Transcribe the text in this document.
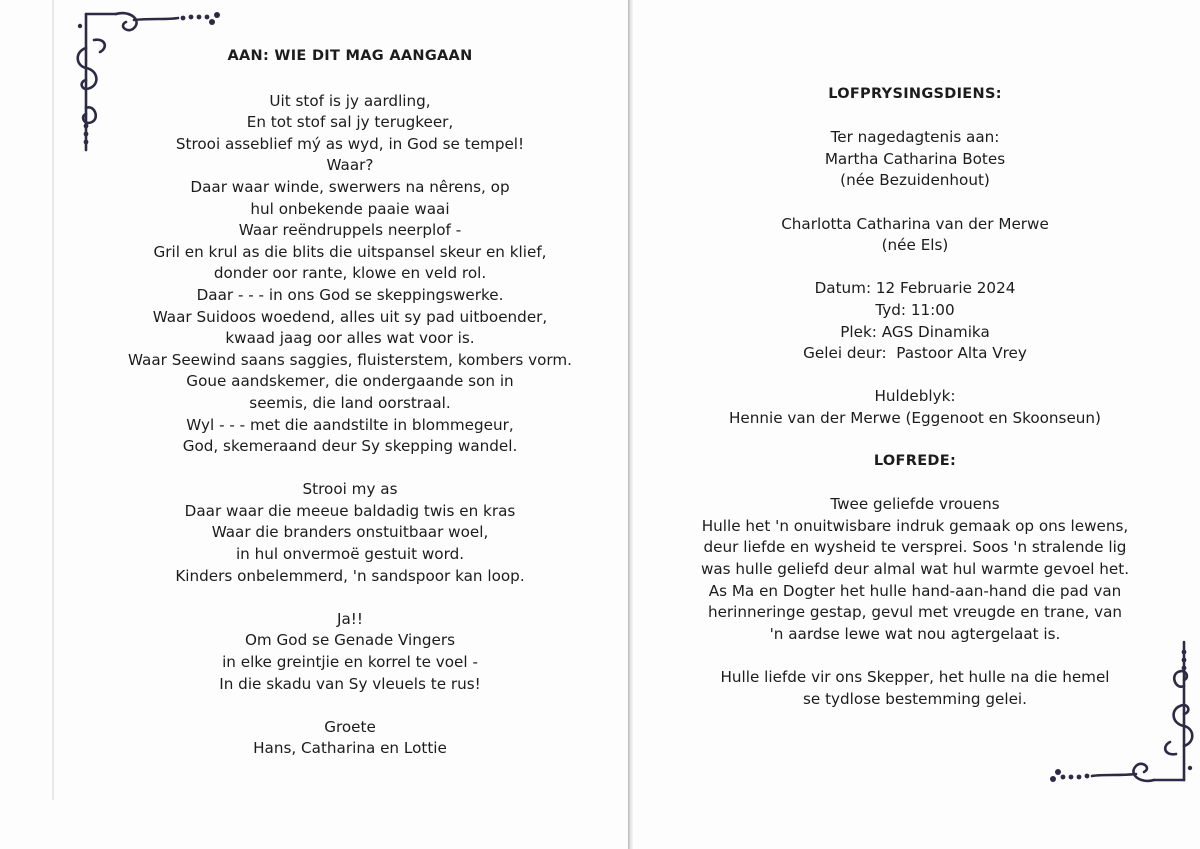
AAN: WIE DIT MAG AANGAAN
Uit stof is jy aardling,
En tot stof sal jy terugkeer,
Strooi asseblief mý as wyd, in God se tempel!
Waar?
Daar waar winde, swerwers na nêrens, op
hul onbekende paaie waai
Waar reëndruppels neerplof -
Gril en krul as die blits die uitspansel skeur en klief,
donder oor rante, klowe en veld rol.
Daar - - - in ons God se skeppingswerke.
Waar Suidoos woedend, alles uit sy pad uitboender,
kwaad jaag oor alles wat voor is.
Waar Seewind saans saggies, fluisterstem, kombers vorm.
Goue aandskemer, die ondergaande son in
seemis, die land oorstraal.
Wyl - - - met die aandstilte in blommegeur,
God, skemeraand deur Sy skepping wandel.
Strooi my as
Daar waar die meeue baldadig twis en kras
Waar die branders onstuitbaar woel,
in hul onvermoë gestuit word.
Kinders onbelemmerd, 'n sandspoor kan loop.
Ja!!
Om God se Genade Vingers
in elke greintjie en korrel te voel -
In die skadu van Sy vleuels te rus!
Groete
Hans, Catharina en Lottie
LOFPRYSINGSDIENS:
Ter nagedagtenis aan:
Martha Catharina Botes
(née Bezuidenhout)
Charlotta Catharina van der Merwe
(née Els)
Datum: 12 Februarie 2024
Tyd: 11:00
Plek: AGS Dinamika
Gelei deur:  Pastoor Alta Vrey
Huldeblyk:
Hennie van der Merwe (Eggenoot en Skoonseun)
LOFREDE:
Twee geliefde vrouens
Hulle het 'n onuitwisbare indruk gemaak op ons lewens,
deur liefde en wysheid te versprei. Soos 'n stralende lig
was hulle geliefd deur almal wat hul warmte gevoel het.
As Ma en Dogter het hulle hand-aan-hand die pad van
herinneringe gestap, gevul met vreugde en trane, van
'n aardse lewe wat nou agtergelaat is.
Hulle liefde vir ons Skepper, het hulle na die hemel
se tydlose bestemming gelei.
